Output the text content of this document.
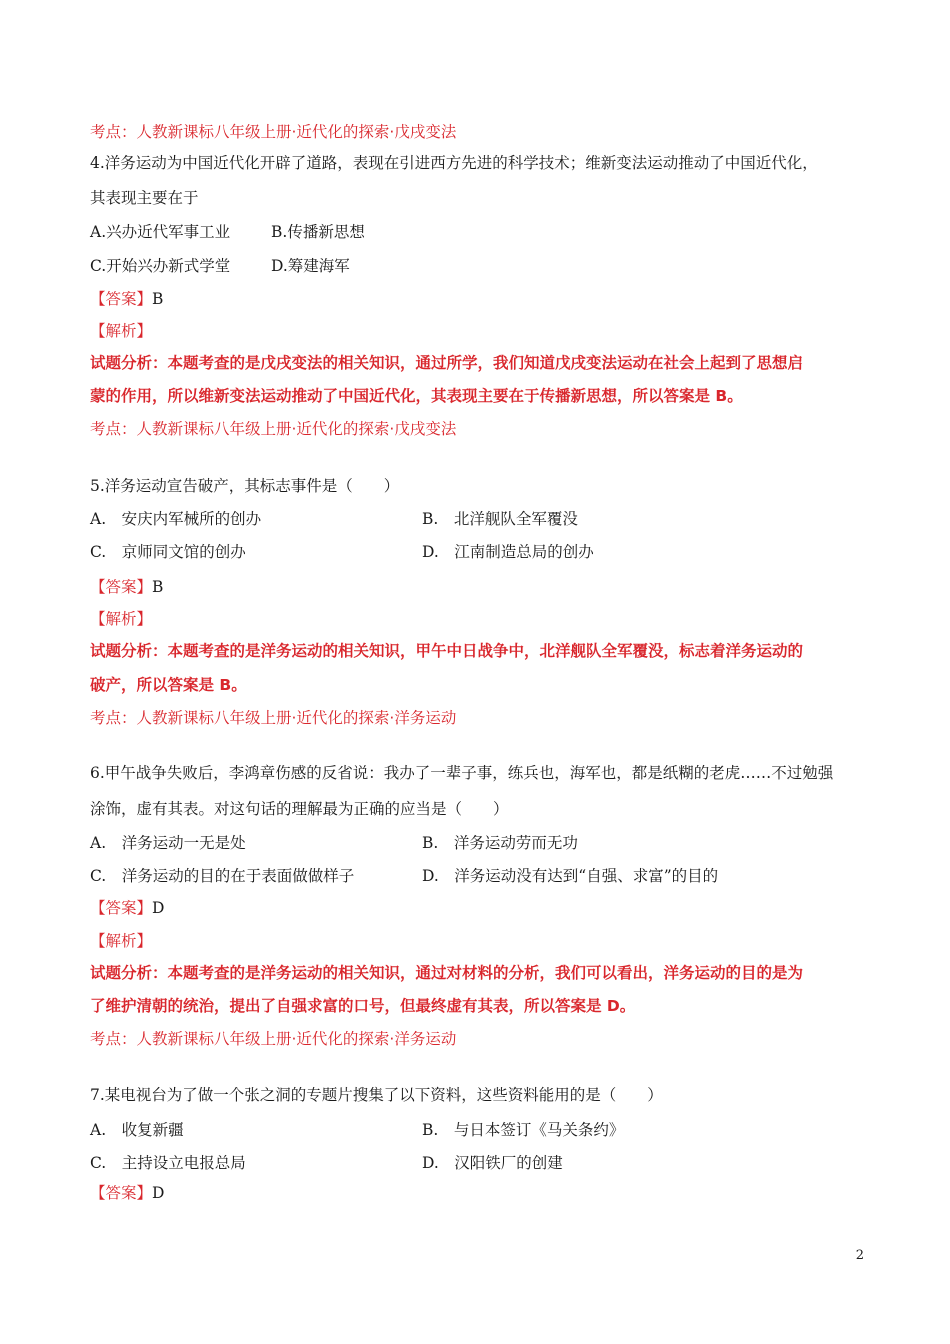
考点：人教新课标八年级上册·近代化的探索·戊戌变法
4.洋务运动为中国近代化开辟了道路，表现在引进西方先进的科学技术；维新变法运动推动了中国近代化，
其表现主要在于
A.兴办近代军事工业	B.传播新思想
C.开始兴办新式学堂	D.筹建海军
【答案】B
【解析】
试题分析：本题考查的是戊戌变法的相关知识，通过所学，我们知道戊戌变法运动在社会上起到了思想启
蒙的作用，所以维新变法运动推动了中国近代化，其表现主要在于传播新思想，所以答案是 B。
考点：人教新课标八年级上册·近代化的探索·戊戌变法
5.洋务运动宣告破产，其标志事件是（　　）
A.　安庆内军械所的创办	B.　北洋舰队全军覆没
C.　京师同文馆的创办	D.　江南制造总局的创办
【答案】B
【解析】
试题分析：本题考查的是洋务运动的相关知识，甲午中日战争中，北洋舰队全军覆没，标志着洋务运动的
破产，所以答案是 B。
考点：人教新课标八年级上册·近代化的探索·洋务运动
6.甲午战争失败后，李鸿章伤感的反省说：我办了一辈子事，练兵也，海军也，都是纸糊的老虎……不过勉强
涂饰，虚有其表。对这句话的理解最为正确的应当是（　　）
A.　洋务运动一无是处	B.　洋务运动劳而无功
C.　洋务运动的目的在于表面做做样子	D.　洋务运动没有达到“自强、求富”的目的
【答案】D
【解析】
试题分析：本题考查的是洋务运动的相关知识，通过对材料的分析，我们可以看出，洋务运动的目的是为
了维护清朝的统治，提出了自强求富的口号，但最终虚有其表，所以答案是 D。
考点：人教新课标八年级上册·近代化的探索·洋务运动
7.某电视台为了做一个张之洞的专题片搜集了以下资料，这些资料能用的是（　　）
A.　收复新疆	B.　与日本签订《马关条约》
C.　主持设立电报总局	D.　汉阳铁厂的创建
【答案】D
2
